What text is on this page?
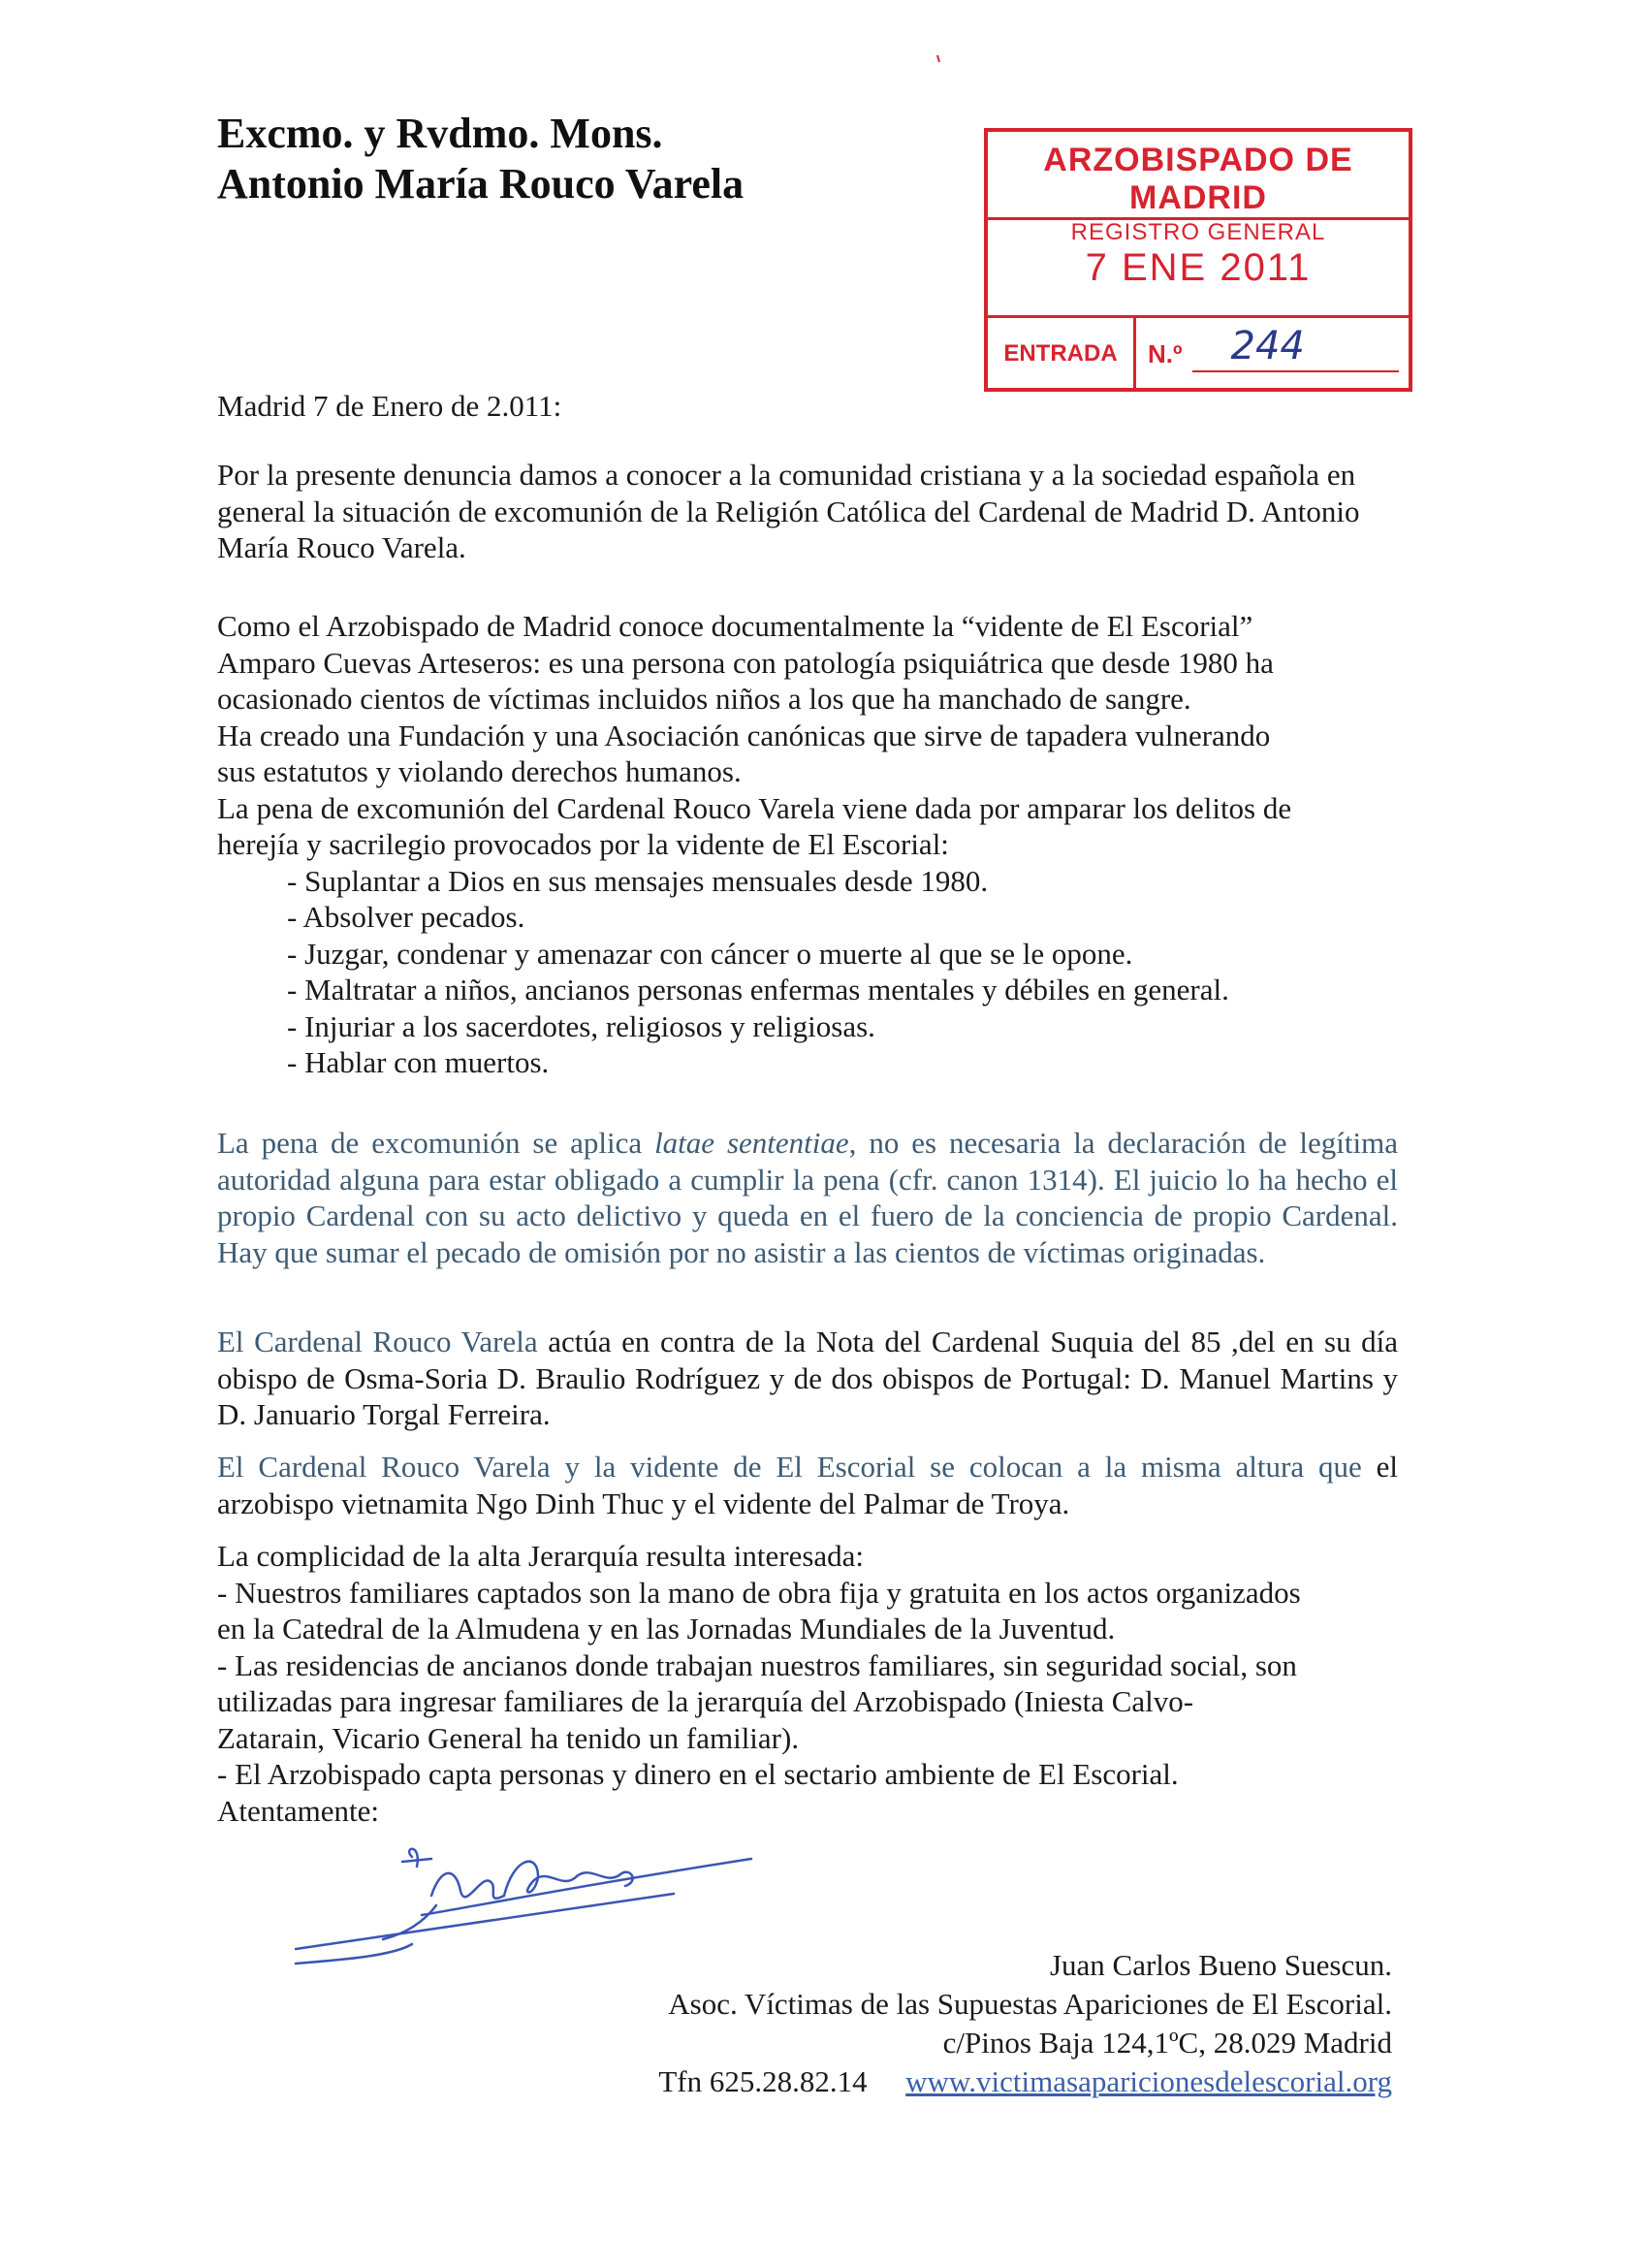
Excmo. y Rvdmo. Mons.
Antonio María Rouco Varela	ARZOBISPADO DE MADRID
REGISTRO GENERAL
7 ENE 2011
ENTRADA	N.º 244
Madrid 7 de Enero de 2.011:

Por la presente denuncia damos a conocer a la comunidad cristiana y a la sociedad española en general la situación de excomunión de la Religión Católica del Cardenal de Madrid D. Antonio María Rouco Varela.

Como el Arzobispado de Madrid conoce documentalmente la “vidente de El Escorial”
Amparo Cuevas Arteseros: es una persona con patología psiquiátrica que desde 1980 ha
ocasionado cientos de víctimas incluidos niños a los que ha manchado de sangre.
Ha creado una Fundación y una Asociación canónicas que sirve de tapadera vulnerando
sus estatutos y violando derechos humanos.
La pena de excomunión del Cardenal Rouco Varela viene dada por amparar los delitos de
herejía y sacrilegio provocados por la vidente de El Escorial:
- Suplantar a Dios en sus mensajes mensuales desde 1980.
- Absolver pecados.
- Juzgar, condenar y amenazar con cáncer o muerte al que se le opone.
- Maltratar a niños, ancianos personas enfermas mentales y débiles en general.
- Injuriar a los sacerdotes, religiosos y religiosas.
- Hablar con muertos.

La pena de excomunión se aplica latae sententiae, no es necesaria la declaración de legítima autoridad alguna para estar obligado a cumplir la pena (cfr. canon 1314). El juicio lo ha hecho el propio Cardenal con su acto delictivo y queda en el fuero de la conciencia de propio Cardenal. Hay que sumar el pecado de omisión por no asistir a las cientos de víctimas originadas.

El Cardenal Rouco Varela actúa en contra de la Nota del Cardenal Suquia del 85 ,del en su día obispo de Osma-Soria D. Braulio Rodríguez y de dos obispos de Portugal: D. Manuel Martins y D. Januario Torgal Ferreira.

El Cardenal Rouco Varela y la vidente de El Escorial se colocan a la misma altura que el arzobispo vietnamita Ngo Dinh Thuc y el vidente del Palmar de Troya.

La complicidad de la alta Jerarquía resulta interesada:
- Nuestros familiares captados son la mano de obra fija y gratuita en los actos organizados
en la Catedral de la Almudena y en las Jornadas Mundiales de la Juventud.
- Las residencias de ancianos donde trabajan nuestros familiares, sin seguridad social, son
utilizadas para ingresar familiares de la jerarquía del Arzobispado (Iniesta Calvo-
Zatarain, Vicario General ha tenido un familiar).
- El Arzobispado capta personas y dinero en el sectario ambiente de El Escorial.
Atentamente:
Juan Carlos Bueno Suescun.
Asoc. Víctimas de las Supuestas Apariciones de El Escorial.
c/Pinos Baja 124,1ºC, 28.029 Madrid
Tfn 625.28.82.14 www.victimasaparicionesdelescorial.org
